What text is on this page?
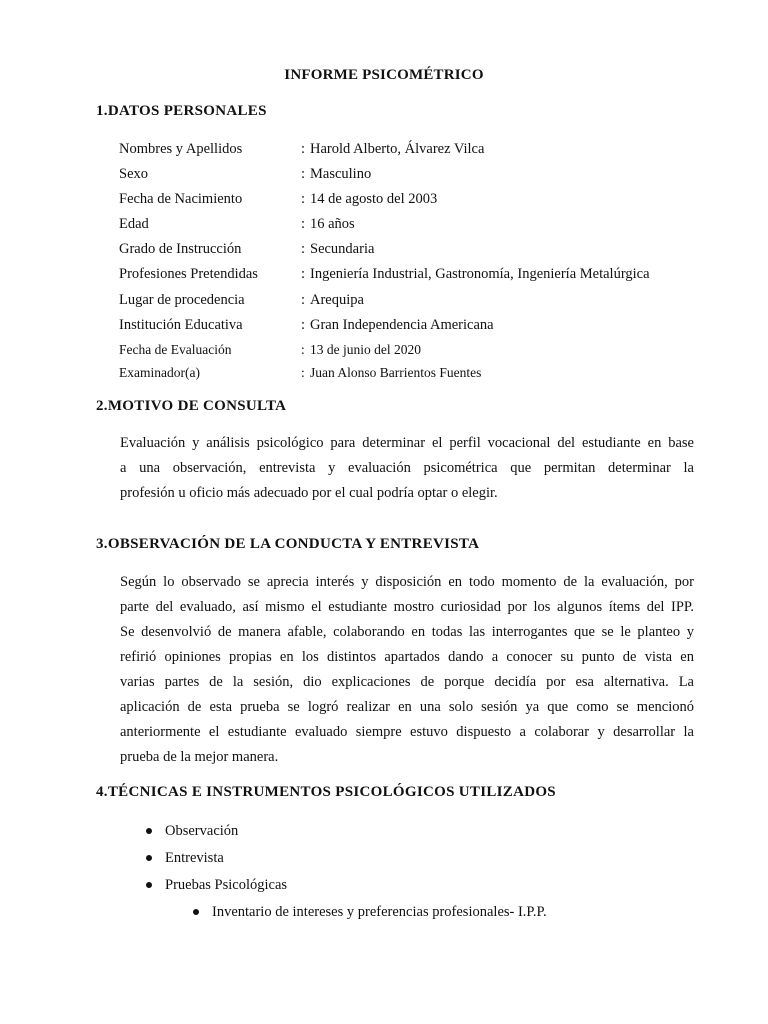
INFORME PSICOMÉTRICO
1.DATOS PERSONALES
Nombres y Apellidos	: Harold Alberto, Álvarez Vilca
Sexo	: Masculino
Fecha de Nacimiento	: 14 de agosto del 2003
Edad	: 16 años
Grado de Instrucción	: Secundaria
Profesiones Pretendidas	: Ingeniería Industrial, Gastronomía, Ingeniería Metalúrgica
Lugar de procedencia	: Arequipa
Institución Educativa	: Gran Independencia Americana
Fecha de Evaluación	: 13 de junio del 2020
Examinador(a)	: Juan Alonso Barrientos Fuentes
2.MOTIVO DE CONSULTA
Evaluación y análisis psicológico para determinar el perfil vocacional del estudiante en base
a una observación, entrevista y evaluación psicométrica que permitan determinar la
profesión u oficio más adecuado por el cual podría optar o elegir.
3.OBSERVACIÓN DE LA CONDUCTA Y ENTREVISTA
Según lo observado se aprecia interés y disposición en todo momento de la evaluación, por
parte del evaluado, así mismo el estudiante mostro curiosidad por los algunos ítems del IPP.
Se desenvolvió de manera afable, colaborando en todas las interrogantes que se le planteo y
refirió opiniones propias en los distintos apartados dando a conocer su punto de vista en
varias partes de la sesión, dio explicaciones de porque decidía por esa alternativa. La
aplicación de esta prueba se logró realizar en una solo sesión ya que como se mencionó
anteriormente el estudiante evaluado siempre estuvo dispuesto a colaborar y desarrollar la
prueba de la mejor manera.
4.TÉCNICAS E INSTRUMENTOS PSICOLÓGICOS UTILIZADOS
Observación
Entrevista
Pruebas Psicológicas
Inventario de intereses y preferencias profesionales- I.P.P.
